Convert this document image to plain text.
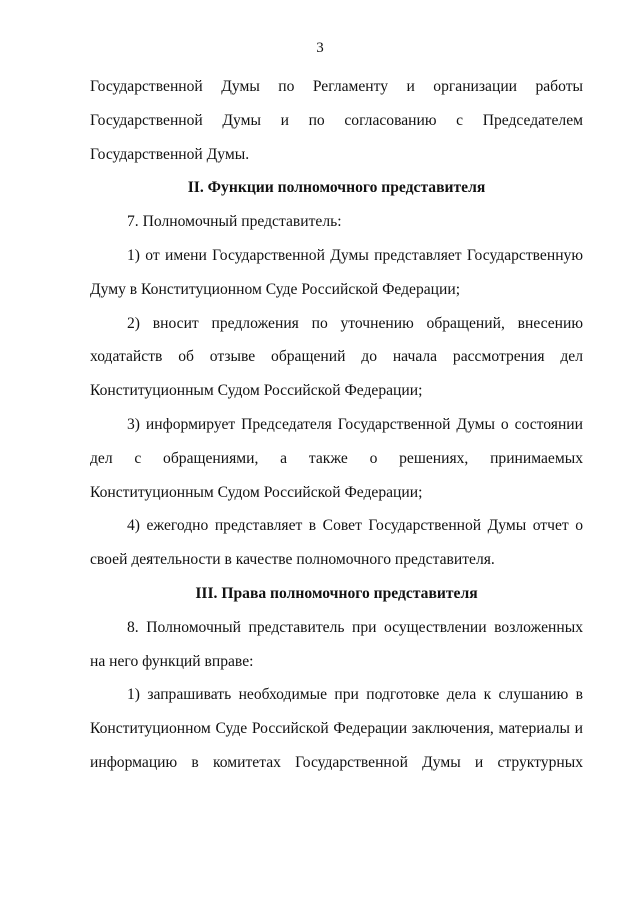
3

Государственной Думы по Регламенту и организации работы Государственной Думы и по согласованию с Председателем Государственной Думы.

II. Функции полномочного представителя

7. Полномочный представитель:

1) от имени Государственной Думы представляет Государственную Думу в Конституционном Суде Российской Федерации;

2) вносит предложения по уточнению обращений, внесению ходатайств об отзыве обращений до начала рассмотрения дел Конституционным Судом Российской Федерации;

3) информирует Председателя Государственной Думы о состоянии дел с обращениями, а также о решениях, принимаемых Конституционным Судом Российской Федерации;

4) ежегодно представляет в Совет Государственной Думы отчет о своей деятельности в качестве полномочного представителя.

III. Права полномочного представителя

8. Полномочный представитель при осуществлении возложенных на него функций вправе:

1) запрашивать необходимые при подготовке дела к слушанию в Конституционном Суде Российской Федерации заключения, материалы и информацию в комитетах Государственной Думы и структурных
